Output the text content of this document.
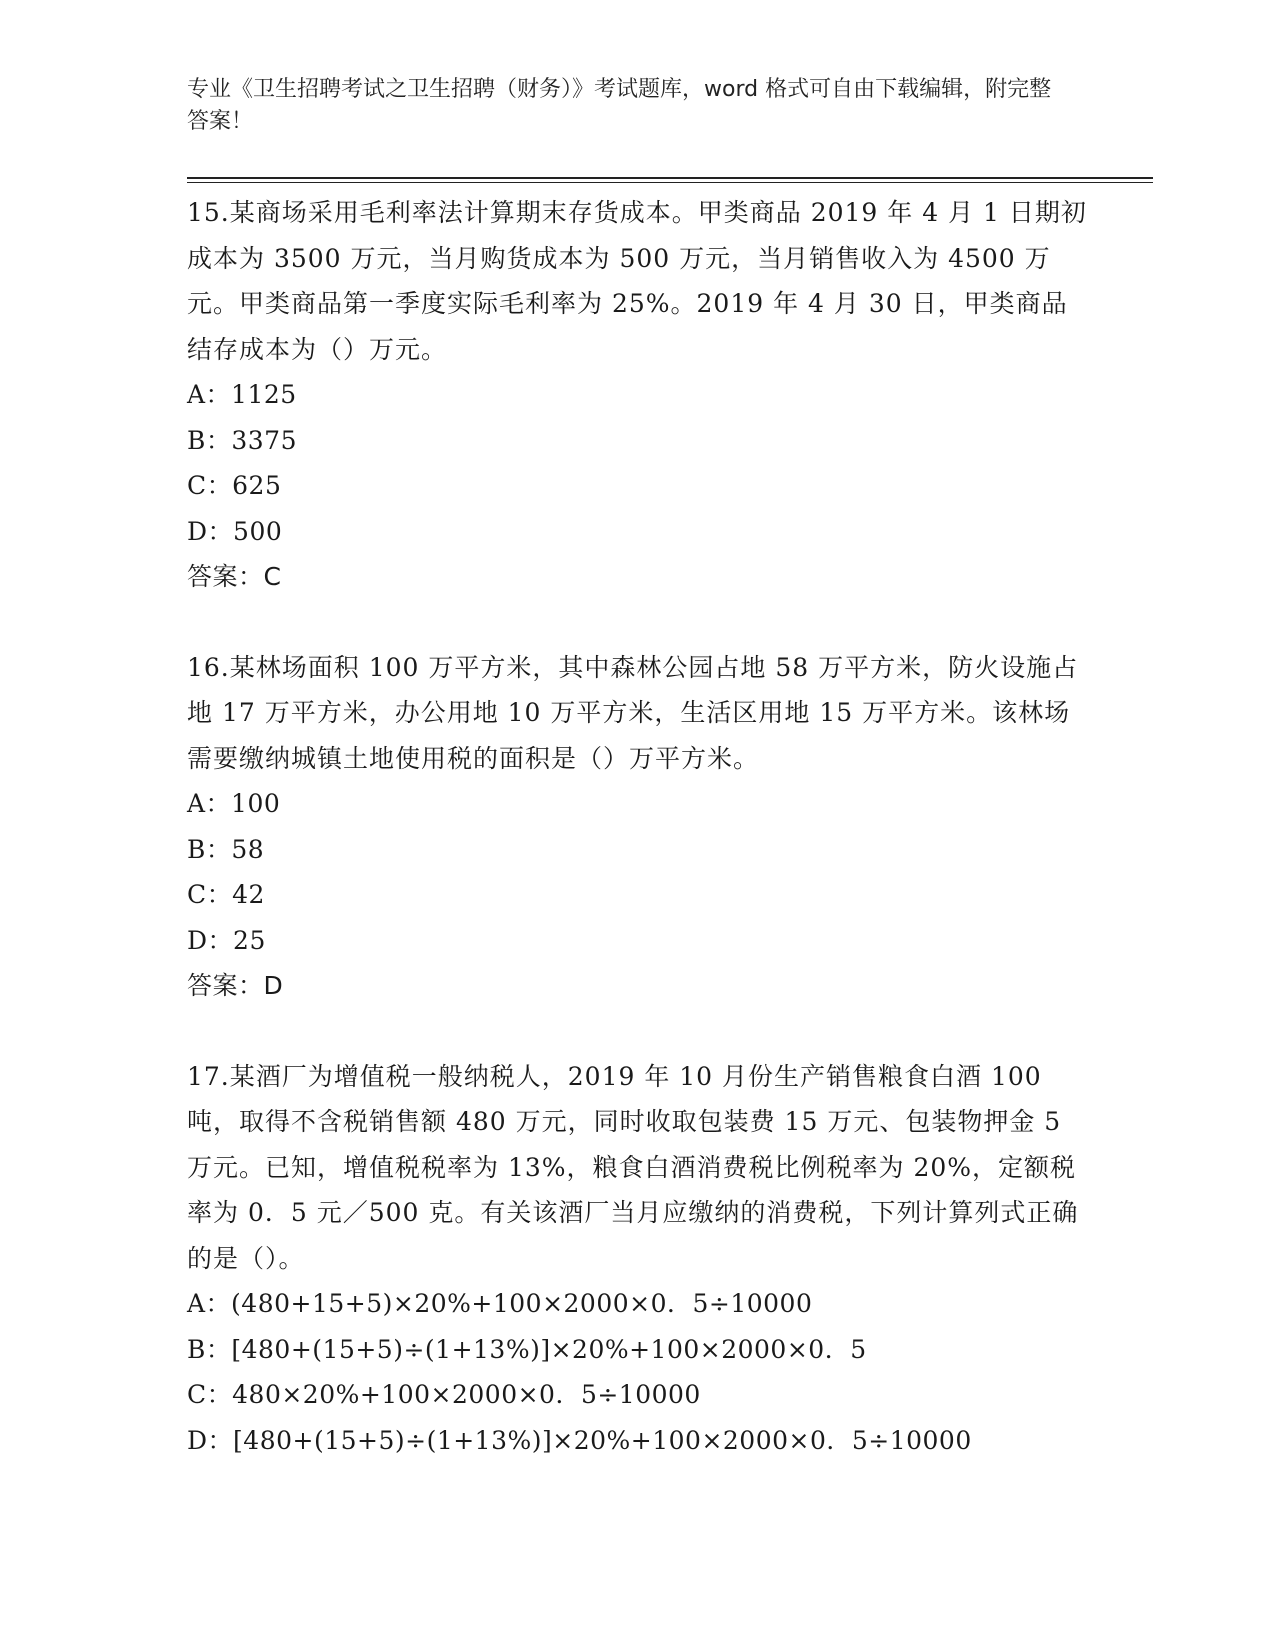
专业《卫生招聘考试之卫生招聘（财务）》考试题库，word 格式可自由下载编辑，附完整答案！

15.某商场采用毛利率法计算期末存货成本。甲类商品 2019 年 4 月 1 日期初成本为 3500 万元，当月购货成本为 500 万元，当月销售收入为 4500 万元。甲类商品第一季度实际毛利率为 25%。2019 年 4 月 30 日，甲类商品结存成本为（）万元。

A：1125

B：3375

C：625

D：500

答案：C

16.某林场面积 100 万平方米，其中森林公园占地 58 万平方米，防火设施占地 17 万平方米，办公用地 10 万平方米，生活区用地 15 万平方米。该林场需要缴纳城镇土地使用税的面积是（）万平方米。

A：100

B：58

C：42

D：25

答案：D

17.某酒厂为增值税一般纳税人，2019 年 10 月份生产销售粮食白酒 100 吨，取得不含税销售额 480 万元，同时收取包装费 15 万元、包装物押金 5 万元。已知，增值税税率为 13%，粮食白酒消费税比例税率为 20%，定额税率为 0．5 元／500 克。有关该酒厂当月应缴纳的消费税，下列计算列式正确的是（）。

A：(480+15+5)×20%+100×2000×0．5÷10000

B：[480+(15+5)÷(1+13%)]×20%+100×2000×0．5

C：480×20%+100×2000×0．5÷10000

D：[480+(15+5)÷(1+13%)]×20%+100×2000×0．5÷10000
